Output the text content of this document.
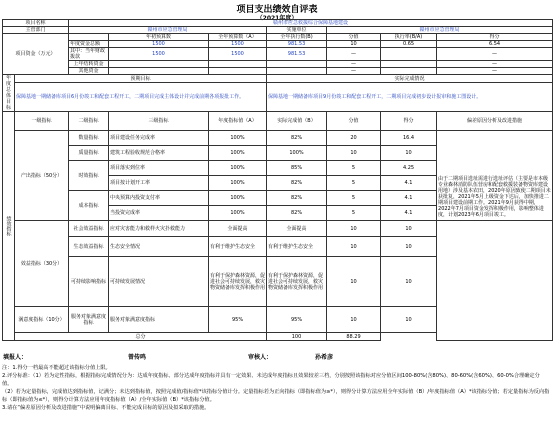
项目支出绩效自评表
（2021年度）
项目名称		赣州市应急救援综合保障基地建设						
主管部门		赣州市应急管理局			实施单位	赣州市应急管理局		
项目资金（万元）			年初预算数	全年预算数（A）	全年执行数(B)	分值	执行率(B/A)	得分
		年度资金总额	1500	1500	981.53	10	0.65	6.54
		其中：当年财政拨款	1500	1500	981.53	—		—
		上年结转资金				—		—
		其他资金				—		—
年度总体目标	预期目标				实际完成情况			
	保障基地一期储备库项目6月份竣工和配套工程开工，二期项目完成主体设计并完成前期各项报批工作。				保障基地一期储备库项目9月份竣工和配套工程开工，二期项目完成初步设计报审和施工图设计。			
绩效指标	一级指标	二级指标	三级指标	年度指标值（A）	实际完成值（B）	分值	得分	偏差原因分析及改进措施
	产出指标（50分）	数量指标	项目建设任务完成率	100%	82%	20	16.4	由于二期项目选址需进行选址评估（主要是市本级专业森林消防队伍营房和配套救援装备物资库建设用地）涉及基本农田，2020年原因致使二期项目未获批复，2021年5月上级资金下达后，加快推进二期项目建设前期工作。2021年9月获得中期，2022年7月项目资金发挥积极作用，影响整体进度，计划2023年6月项目竣工。
		质量指标	建筑工程验收规范合格率	100%	100%	10	10	
		时效指标	项目落实到位率	100%	85%	5	4.25	
			项目按计划开工率	100%	82%	5	4.1	
		成本指标	中央预算内投资支付率	100%	82%	5	4.1	
			当投资完成率	100%	82%	5	4.1	
	效益指标（30分）	社会效益指标	应对灾害能力和救样火灾扑救能力	全面提高	全面提高	10	10	
		生态效益指标	生态安全情况	有利于维护生态安全	有利于维护生态安全	10	10	
		可持续影响指标	可持续发展情况	有利于保护森林资源，促进社会可持续发展，救灾物资储备库发挥积极作用	有利于保护森林资源，促进社会可持续发展，救灾物资储备库发挥积极作用	10	10	
	满意度指标（10分）	服务对象满意度指标	服务对象满意度指标	95%	95%	10	10	
	总分				100	88.29		
填报人：	曾传鸣	审核人：	孙希彦

注：1.得分一档最高不能超过该指标分值上限。

2.评分标准：（1）若为定性指标，根据指标完成情况分为：达成年度指标、部分达成年度指标并具有一定效果、未达成年度指标且效果较差三档，分别按照该指标对应分值区间100-80%(含80%)、80-60%(含60%)、60-0%合理确定分值。

（2）若为定量指标，完成值达到指标值，记满分；未达到指标值，按照完成值/指标值*该指标分值计分。定量指标若为正向指标（即指标值为≥*），则得分计算方法应用全年实际值（B）/年度指标值（A）*该指标分值；若定量指标为反向指标（即指标值为≤*），则得分计算方法应用年度指标值（A）/全年实际值（B）*该指标分值。

3.请在“偏差原因分析及改进措施”中说明偏离目标、不能完成目标的原因及拟采取的措施。
